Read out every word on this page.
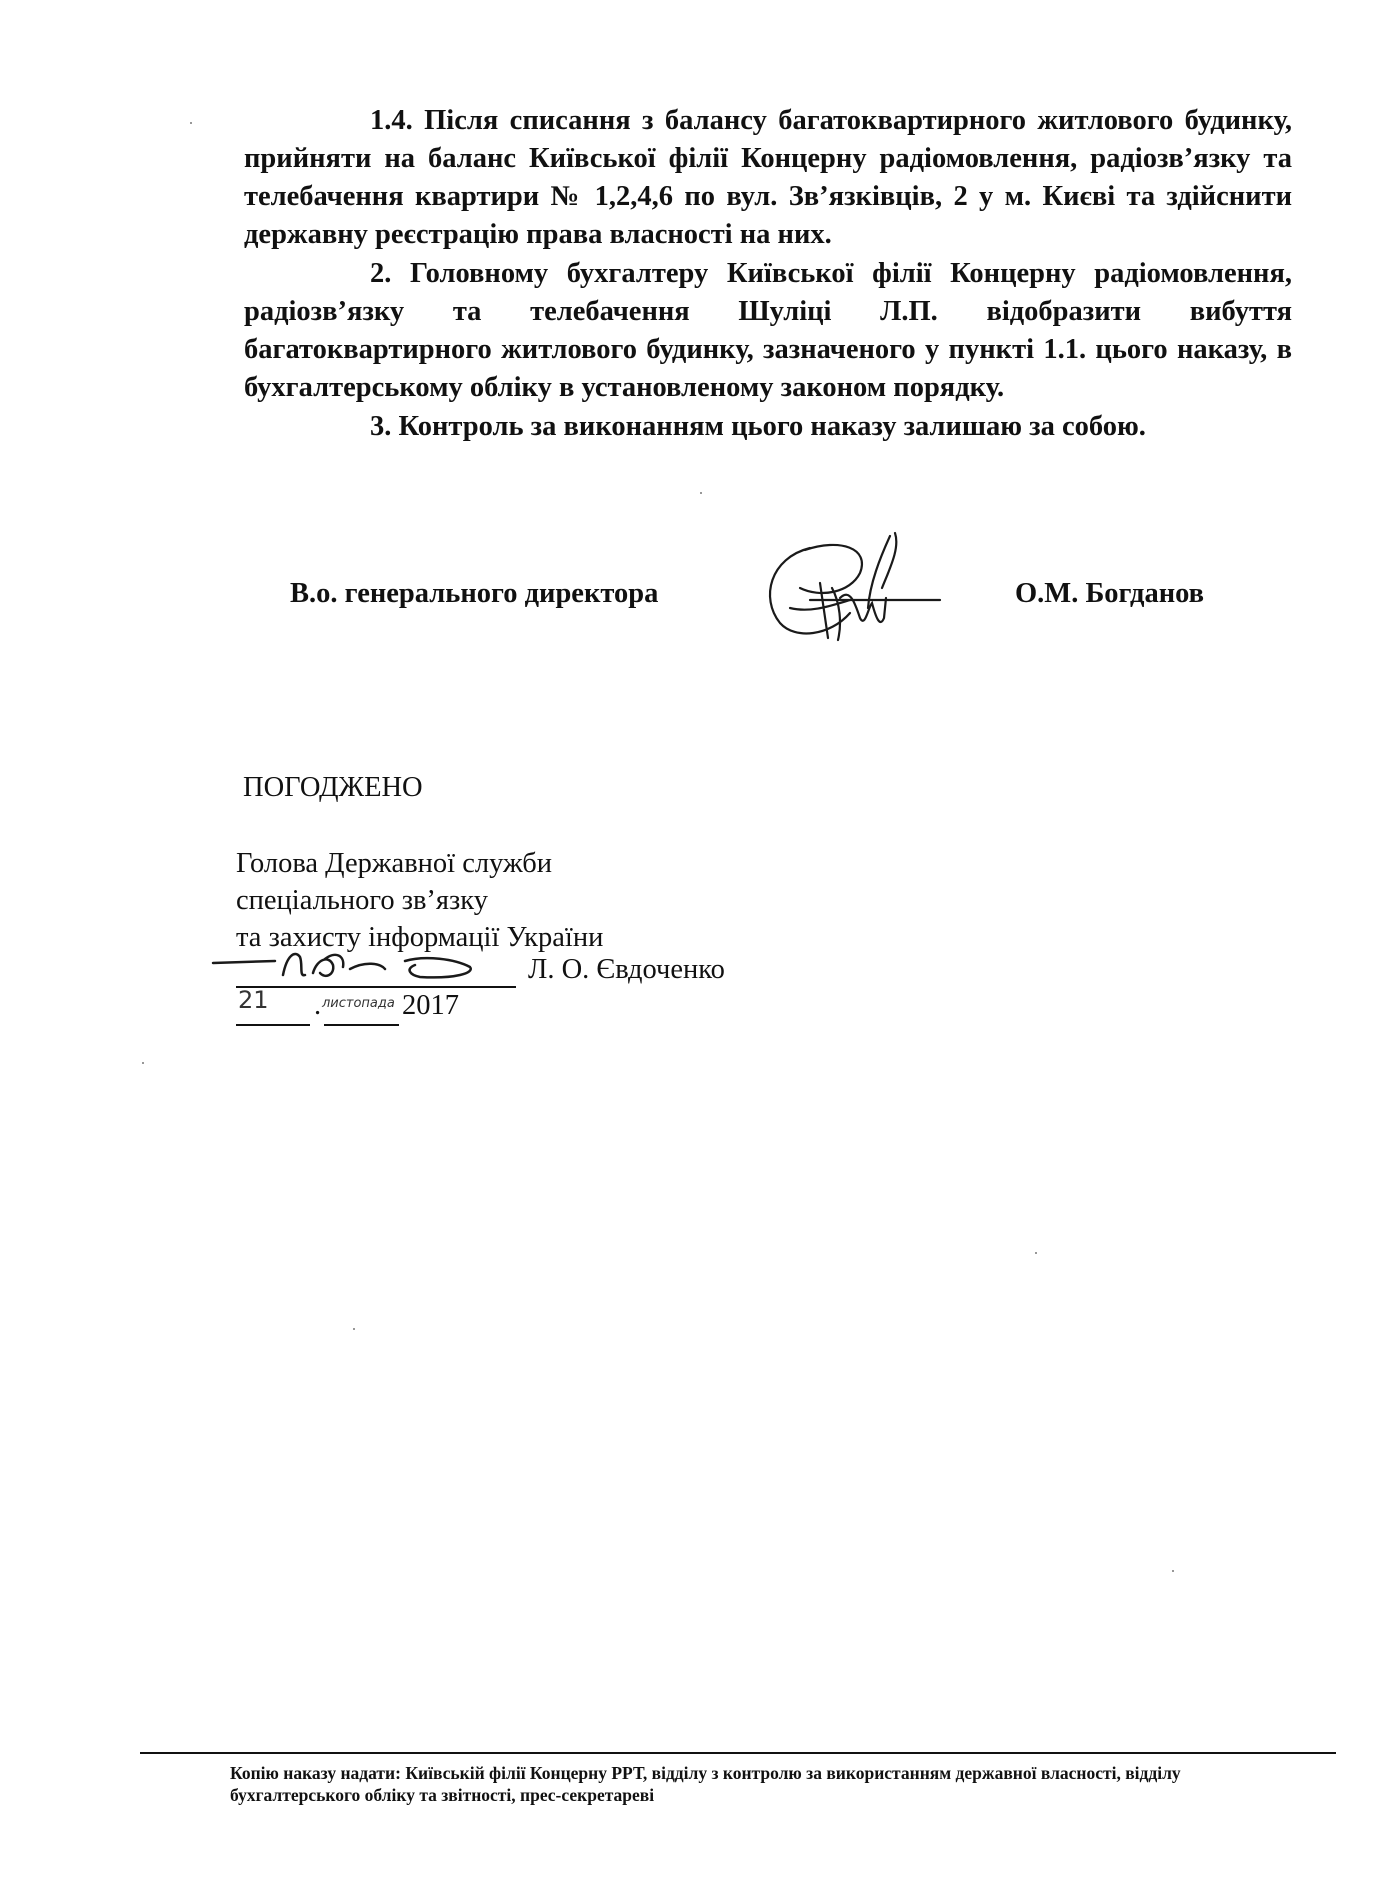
1.4. Після списання з балансу багатоквартирного житлового будинку, прийняти на баланс Київської філії Концерну радіомовлення, радіозв’язку та телебачення квартири № 1,2,4,6 по вул. Зв’язківців, 2 у м. Києві та здійснити державну реєстрацію права власності на них.

2. Головному бухгалтеру Київської філії Концерну радіомовлення, радіозв’язку та телебачення Шуліці Л.П. відобразити вибуття багатоквартирного житлового будинку, зазначеного у пункті 1.1. цього наказу, в бухгалтерському обліку в установленому законом порядку.

3. Контроль за виконанням цього наказу залишаю за собою.

В.о. генерального директора	О.М. Богданов
ПОГОДЖЕНО
Голова Державної служби
спеціального зв’язку
та захисту інформації України
Л. О. Євдоченко
21 . листопада 2017
Копію наказу надати: Київській філії Концерну РРТ, відділу з контролю за використанням державної власності, відділу бухгалтерського обліку та звітності, прес-секретареві
